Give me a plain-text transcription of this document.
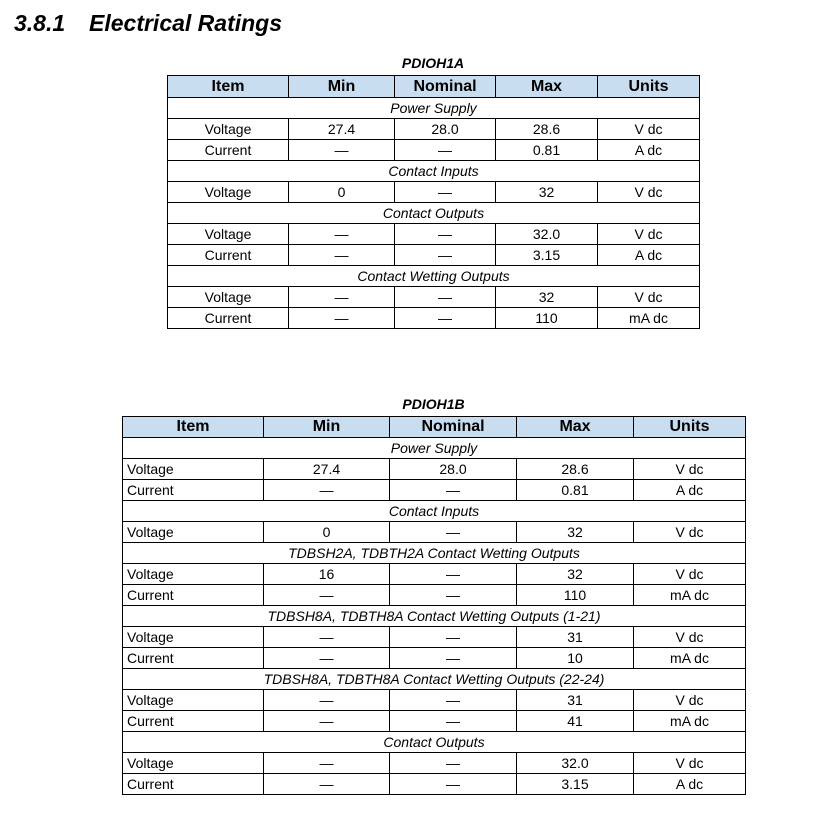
3.8.1 Electrical Ratings
PDIOH1A
Item	Min	Nominal	Max	Units
Power Supply				
Voltage	27.4	28.0	28.6	V dc
Current	—	—	0.81	A dc
Contact Inputs				
Voltage	0	—	32	V dc
Contact Outputs				
Voltage	—	—	32.0	V dc
Current	—	—	3.15	A dc
Contact Wetting Outputs				
Voltage	—	—	32	V dc
Current	—	—	110	mA dc
PDIOH1B
Item	Min	Nominal	Max	Units
Power Supply				
Voltage	27.4	28.0	28.6	V dc
Current	—	—	0.81	A dc
Contact Inputs				
Voltage	0	—	32	V dc
TDBSH2A, TDBTH2A Contact Wetting Outputs				
Voltage	16	—	32	V dc
Current	—	—	110	mA dc
TDBSH8A, TDBTH8A Contact Wetting Outputs (1-21)				
Voltage	—	—	31	V dc
Current	—	—	10	mA dc
TDBSH8A, TDBTH8A Contact Wetting Outputs (22-24)				
Voltage	—	—	31	V dc
Current	—	—	41	mA dc
Contact Outputs				
Voltage	—	—	32.0	V dc
Current	—	—	3.15	A dc
